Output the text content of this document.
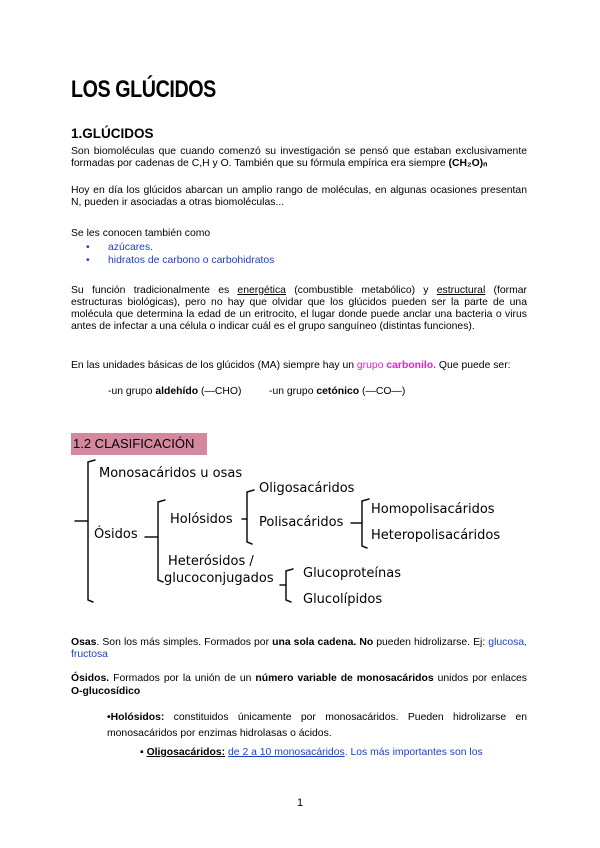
LOS GLÚCIDOS
1.GLÚCIDOS
Son biomoléculas que cuando comenzó su investigación se pensó que estaban exclusivamente formadas por cadenas de C,H y O. También que su fórmula empírica era siempre (CH₂O)ₙ
Hoy en día los glúcidos abarcan un amplio rango de moléculas, en algunas ocasiones presentan N, pueden ir asociadas a otras biomoléculas...
Se les conocen también como
• azúcares.
• hidratos de carbono o carbohidratos
Su función tradicionalmente es energética (combustible metabólico) y estructural (formar estructuras biológicas), pero no hay que olvidar que los glúcidos pueden ser la parte de una molécula que determina la edad de un eritrocito, el lugar donde puede anclar una bacteria o virus antes de infectar a una célula o indicar cuál es el grupo sanguíneo (distintas funciones).
En las unidades básicas de los glúcidos (MA) siempre hay un grupo carbonilo. Que puede ser:
-un grupo aldehído (—CHO)	-un grupo cetónico (—CO—)
1.2 CLASIFICACIÓN
Monosacáridos u osas
Ósidos
Holósidos
Oligosacáridos
Polisacáridos
Homopolisacáridos
Heteropolisacáridos
Heterósidos /
glucoconjugados Glucoproteínas
Glucolípidos
Osas. Son los más simples. Formados por una sola cadena. No pueden hidrolizarse. Ej: glucosa, fructosa
Ósidos. Formados por la unión de un número variable de monosacáridos unidos por enlaces O-glucosídico
•Holósidos: constituidos únicamente por monosacáridos. Pueden hidrolizarse en monosacáridos por enzimas hidrolasas o ácidos.
▪ Oligosacáridos: de 2 a 10 monosacáridos. Los más importantes son los
1
